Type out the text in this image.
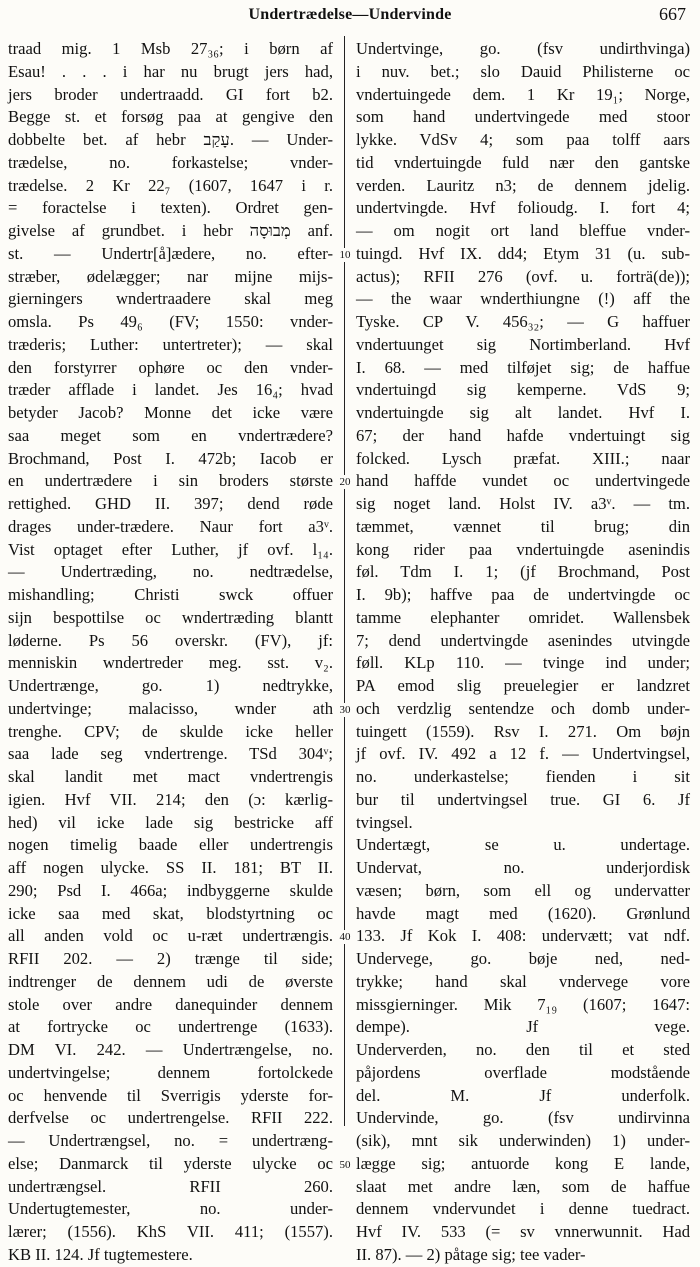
Undertrædelse—Undervinde	667
traad mig. 1 Msb 27₃₆; i børn af
Esau! . . . i har nu brugt jers had,
jers broder undertraadd. GI fort b2.
Begge st. et forsøg paa at gengive den
dobbelte bet. af hebr עָקַב. — Under-
trædelse, no. forkastelse; vnder-
trædelse. 2 Kr 22₇ (1607, 1647 i r.
= foractelse i texten). Ordret gen-
givelse af grundbet. i hebr מְבוּסָה anf.
st. — Undertr[å]ædere, no. efter-
stræber, ødelægger; nar mijne mijs-
gierningers wndertraadere skal meg
omsla. Ps 49₆ (FV; 1550: vnder-
træderis; Luther: untertreter); — skal
den forstyrrer ophøre oc den vnder-
træder afflade i landet. Jes 16₄; hvad
betyder Jacob? Monne det icke være
saa meget som en vndertrædere?
Brochmand, Post I. 472b; Iacob er
en undertrædere i sin broders største
rettighed. GHD II. 397; dend røde
drages under-trædere. Naur fort a3ᵛ.
Vist optaget efter Luther, jf ovf. l₁₄.
— Undertræding, no. nedtrædelse,
mishandling; Christi swck offuer
sijn bespottilse oc wndertræding blantt
løderne. Ps 56 overskr. (FV), jf:
menniskin wndertreder meg. sst. v₂.
Undertrænge, go. 1) nedtrykke,
undertvinge; malacisso, wnder ath
trenghe. CPV; de skulde icke heller
saa lade seg vndertrenge. TSd 304ᵛ;
skal landit met mact vndertrengis
igien. Hvf VII. 214; den (ɔ: kærlig-
hed) vil icke lade sig bestricke aff
nogen timelig baade eller undertrengis
aff nogen ulycke. SS II. 181; BT II.
290; Psd I. 466a; indbyggerne skulde
icke saa med skat, blodstyrtning oc
all anden vold oc u-ræt undertrængis.
RFII 202. — 2) trænge til side;
indtrenger de dennem udi de øverste
stole over andre danequinder dennem
at fortrycke oc undertrenge (1633).
DM VI. 242. — Undertrængelse, no.
undertvingelse; dennem fortolckede
oc henvende til Sverrigis yderste for-
derfvelse oc undertrengelse. RFII 222.
— Undertrængsel, no. = undertræng-
else; Danmarck til yderste ulycke oc
undertrængsel. RFII 260.
Undertugtemester, no. under-
lærer; (1556). KhS VII. 411; (1557).
KB II. 124. Jf tugtemestere.
Undertvinge, go. (fsv undirthvinga)
i nuv. bet.; slo Dauid Philisterne oc
vndertuingede dem. 1 Kr 19₁; Norge,
som hand undertvingede med stoor
lykke. VdSv 4; som paa tolff aars
tid vndertuingde fuld nær den gantske
verden. Lauritz n3; de dennem jdelig.
undertvingde. Hvf folioudg. I. fort 4;
— om nogit ort land bleffue vnder-
tuingd. Hvf IX. dd4; Etym 31 (u. sub-
actus); RFII 276 (ovf. u. forträ(de));
— the waar wnderthiungne (!) aff the
Tyske. CP V. 456₃₂; — G haffuer
vndertuunget sig Nortimberland. Hvf
I. 68. — med tilføjet sig; de haffue
vndertuingd sig kemperne. VdS 9;
vndertuingde sig alt landet. Hvf I.
67; der hand hafde vndertuingt sig
folcked. Lysch præfat. XIII.; naar
hand haffde vundet oc undertvingede
sig noget land. Holst IV. a3ᵛ. — tm.
tæmmet, vænnet til brug; din
kong rider paa vndertuingde asenindis
føl. Tdm I. 1; (jf Brochmand, Post
I. 9b); haffve paa de undertvingde oc
tamme elephanter omridet. Wallensbek
7; dend undertvingde asenindes utvingde
føll. KLp 110. — tvinge ind under;
PA emod slig preuelegier er landzret
och verdzlig sentendze och domb under-
tuingett (1559). Rsv I. 271. Om bøjn
jf ovf. IV. 492 a 12 f. — Undertvingsel,
no. underkastelse; fienden i sit
bur til undertvingsel true. GI 6. Jf
tvingsel.
Undertægt, se u. undertage.
Undervat, no. underjordisk
væsen; børn, som ell og undervatter
havde magt med (1620). Grønlund
133. Jf Kok I. 408: undervætt; vat ndf.
Undervege, go. bøje ned, ned-
trykke; hand skal vndervege vore
missgierninger. Mik 7₁₉ (1607; 1647:
dempe). Jf vege.
Underverden, no. den til et sted
påjordens overflade modstående
del. M. Jf underfolk.
Undervinde, go. (fsv undirvinna
(sik), mnt sik underwinden) 1) under-
lægge sig; antuorde kong E lande,
slaat met andre læn, som de haffue
dennem vndervundet i denne tuedract.
Hvf IV. 533 (= sv vnnerwunnit. Had
II. 87). — 2) påtage sig; tee vader-
10
20
30
40
50
